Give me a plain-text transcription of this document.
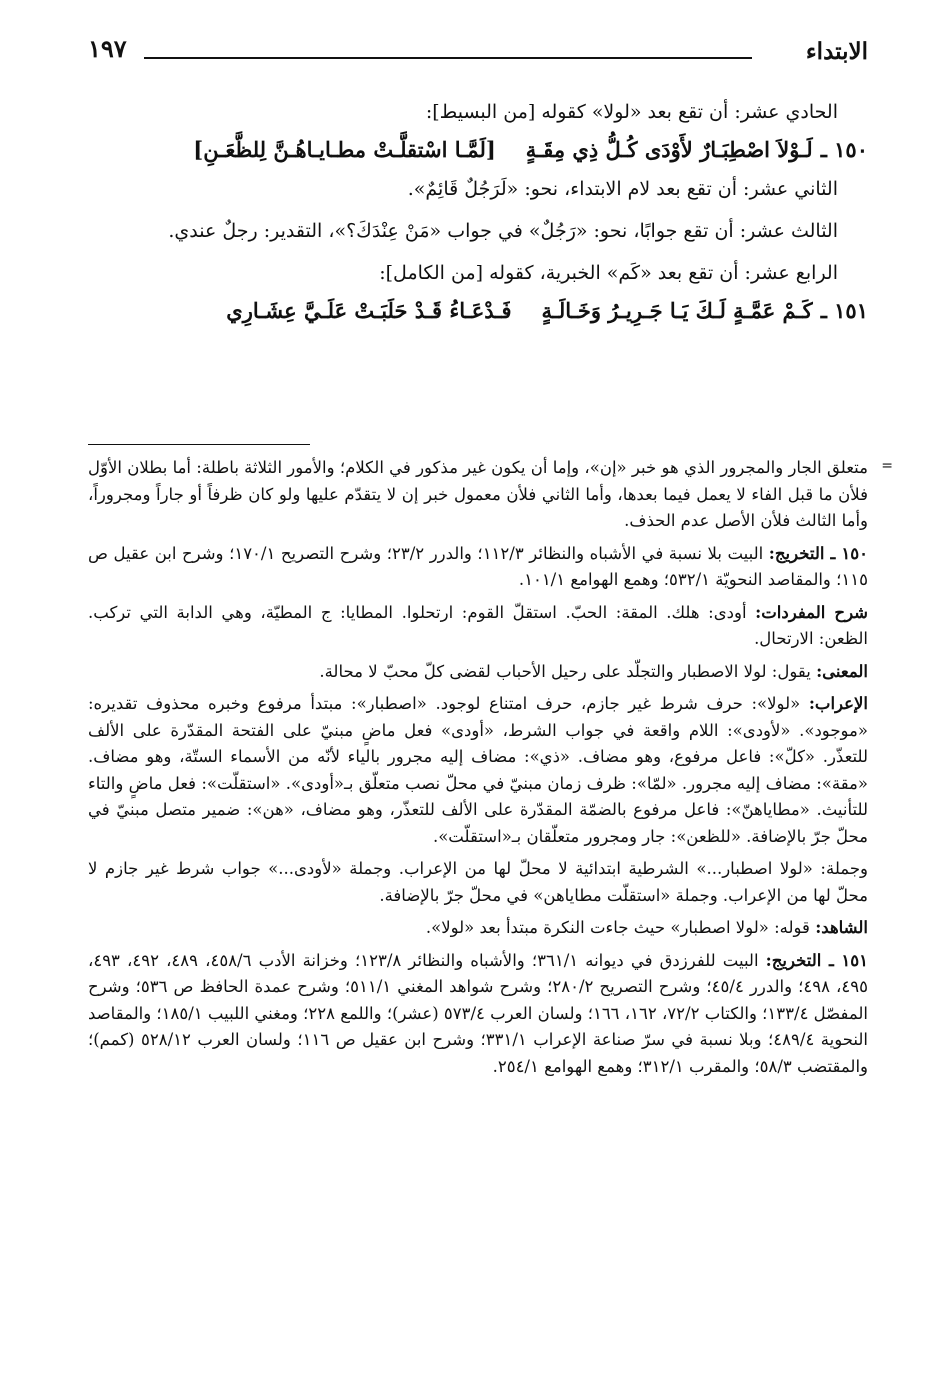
الابتداء
١٩٧

الحادي عشر: أن تقع بعد «لولا» كقوله [من البسيط]:

١٥٠ ـ
لَـوْلاَ اصْطِبَـارٌ لأَوْدَى كُـلُّ ذِي مِقَـةٍ
[لَمَّـا اسْتقلَّـتْ مطـايـاهُـنَّ لِلظَّعَـنِ]

الثاني عشر: أن تقع بعد لام الابتداء، نحو: «لَرَجُلٌ قَائِمٌ».

الثالث عشر: أن تقع جوابًا، نحو: «رَجُلٌ» في جواب «مَنْ عِنْدَكَ؟»، التقدير: رجلٌ عندي.

الرابع عشر: أن تقع بعد «كَم» الخبرية، كقوله [من الكامل]:

١٥١ ـ
كَـمْ عَمَّـةٍ لَـكَ يَـا جَـرِيـرُ وَخَـالَـةٍ
فَـدْعَـاءُ قَـدْ حَلَبَـتْ عَلَـيَّ عِشَـارِي
=

متعلق الجار والمجرور الذي هو خبر «إن»، وإما أن يكون غير مذكور في الكلام؛ والأمور الثلاثة باطلة: أما بطلان الأوّل فلأن ما قبل الفاء لا يعمل فيما بعدها، وأما الثاني فلأن معمول خبر إن لا يتقدّم عليها ولو كان ظرفاً أو جاراً ومجروراً، وأما الثالث فلأن الأصل عدم الحذف.

١٥٠ ـ التخريج: البيت بلا نسبة في الأشباه والنظائر ١١٢/٣؛ والدرر ٢٣/٢؛ وشرح التصريح ١٧٠/١؛ وشرح ابن عقيل ص ١١٥؛ والمقاصد النحويّة ٥٣٢/١؛ وهمع الهوامع ١٠١/١.

شرح المفردات: أودى: هلك. المقة: الحبّ. استقلّ القوم: ارتحلوا. المطايا: ج المطيّة، وهي الدابة التي تركب. الظعن: الارتحال.

المعنى: يقول: لولا الاصطبار والتجلّد على رحيل الأحباب لقضى كلّ محبّ لا محالة.

الإعراب: «لولا»: حرف شرط غير جازم، حرف امتناع لوجود. «اصطبار»: مبتدأ مرفوع وخبره محذوف تقديره: «موجود». «لأودى»: اللام واقعة في جواب الشرط، «أودى» فعل ماضٍ مبنيّ على الفتحة المقدّرة على الألف للتعذّر. «كلّ»: فاعل مرفوع، وهو مضاف. «ذي»: مضاف إليه مجرور بالياء لأنّه من الأسماء الستّة، وهو مضاف. «مقة»: مضاف إليه مجرور. «لمّا»: ظرف زمان مبنيّ في محلّ نصب متعلّق بـ«أودى». «استقلّت»: فعل ماضٍ والتاء للتأنيث. «مطاياهنّ»: فاعل مرفوع بالضمّة المقدّرة على الألف للتعذّر، وهو مضاف، «هن»: ضمير متصل مبنيّ في محلّ جرّ بالإضافة. «للظعن»: جار ومجرور متعلّقان بـ«استقلّت».

وجملة: «لولا اصطبار...» الشرطية ابتدائية لا محلّ لها من الإعراب. وجملة «لأودى...» جواب شرط غير جازم لا محلّ لها من الإعراب. وجملة «استقلّت مطاياهن» في محلّ جرّ بالإضافة.

الشاهد: قوله: «لولا اصطبار» حيث جاءت النكرة مبتدأ بعد «لولا».

١٥١ ـ التخريج: البيت للفرزدق في ديوانه ٣٦١/١؛ والأشباه والنظائر ١٢٣/٨؛ وخزانة الأدب ٤٥٨/٦، ٤٨٩، ٤٩٢، ٤٩٣، ٤٩٥، ٤٩٨؛ والدرر ٤٥/٤؛ وشرح التصريح ٢٨٠/٢؛ وشرح شواهد المغني ٥١١/١؛ وشرح عمدة الحافظ ص ٥٣٦؛ وشرح المفصّل ١٣٣/٤؛ والكتاب ٧٢/٢، ١٦٢، ١٦٦؛ ولسان العرب ٥٧٣/٤ (عشر)؛ واللمع ٢٢٨؛ ومغني اللبيب ١٨٥/١؛ والمقاصد النحوية ٤٨٩/٤؛ وبلا نسبة في سرّ صناعة الإعراب ٣٣١/١؛ وشرح ابن عقيل ص ١١٦؛ ولسان العرب ٥٢٨/١٢ (كمم)؛ والمقتضب ٥٨/٣؛ والمقرب ٣١٢/١؛ وهمع الهوامع ٢٥٤/١.
